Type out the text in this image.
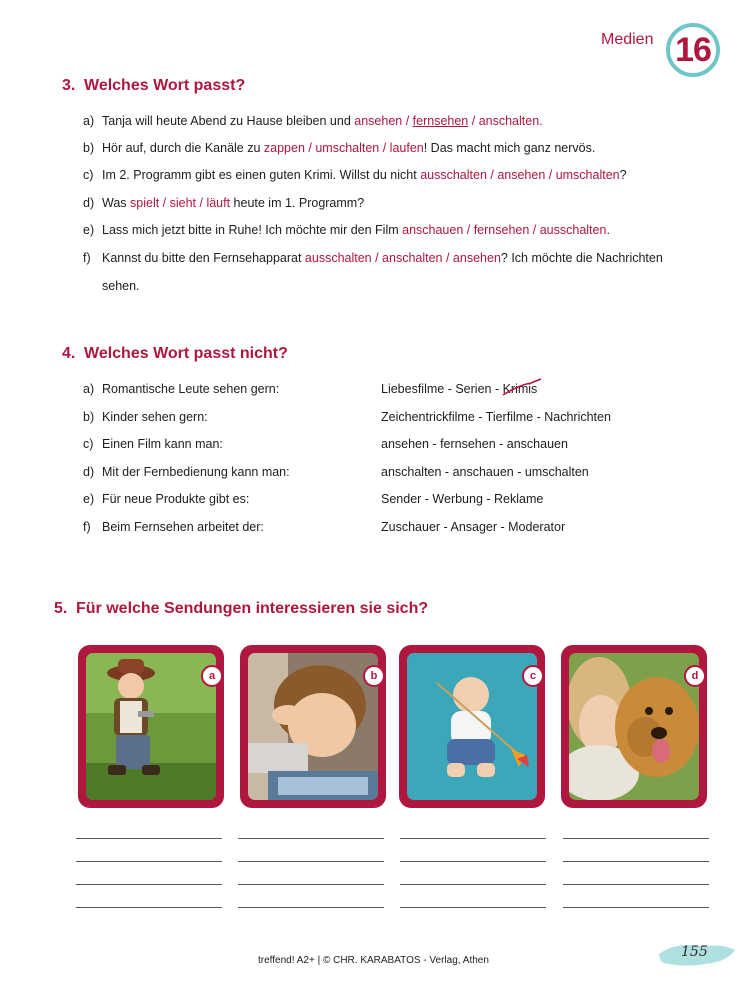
Medien 16
3. Welches Wort passt?
a) Tanja will heute Abend zu Hause bleiben und ansehen / fernsehen / anschalten.
b) Hör auf, durch die Kanäle zu zappen / umschalten / laufen! Das macht mich ganz nervös.
c) Im 2. Programm gibt es einen guten Krimi. Willst du nicht ausschalten / ansehen / umschalten?
d) Was spielt / sieht / läuft heute im 1. Programm?
e) Lass mich jetzt bitte in Ruhe! Ich möchte mir den Film anschauen / fernsehen / ausschalten.
f) Kannst du bitte den Fernsehapparat ausschalten / anschalten / ansehen? Ich möchte die Nachrichten
sehen.
4. Welches Wort passt nicht?
a) Romantische Leute sehen gern:	Liebesfilme - Serien - Krimis
b) Kinder sehen gern:	Zeichentrickfilme - Tierfilme - Nachrichten
c) Einen Film kann man:	ansehen - fernsehen - anschauen
d) Mit der Fernbedienung kann man:	anschalten - anschauen - umschalten
e) Für neue Produkte gibt es:	Sender - Werbung - Reklame
f) Beim Fernsehen arbeitet der:	Zuschauer - Ansager - Moderator
5. Für welche Sendungen interessieren sie sich?
a	b	c	d
treffend! A2+ | © CHR. KARABATOS - Verlag, Athen
155
